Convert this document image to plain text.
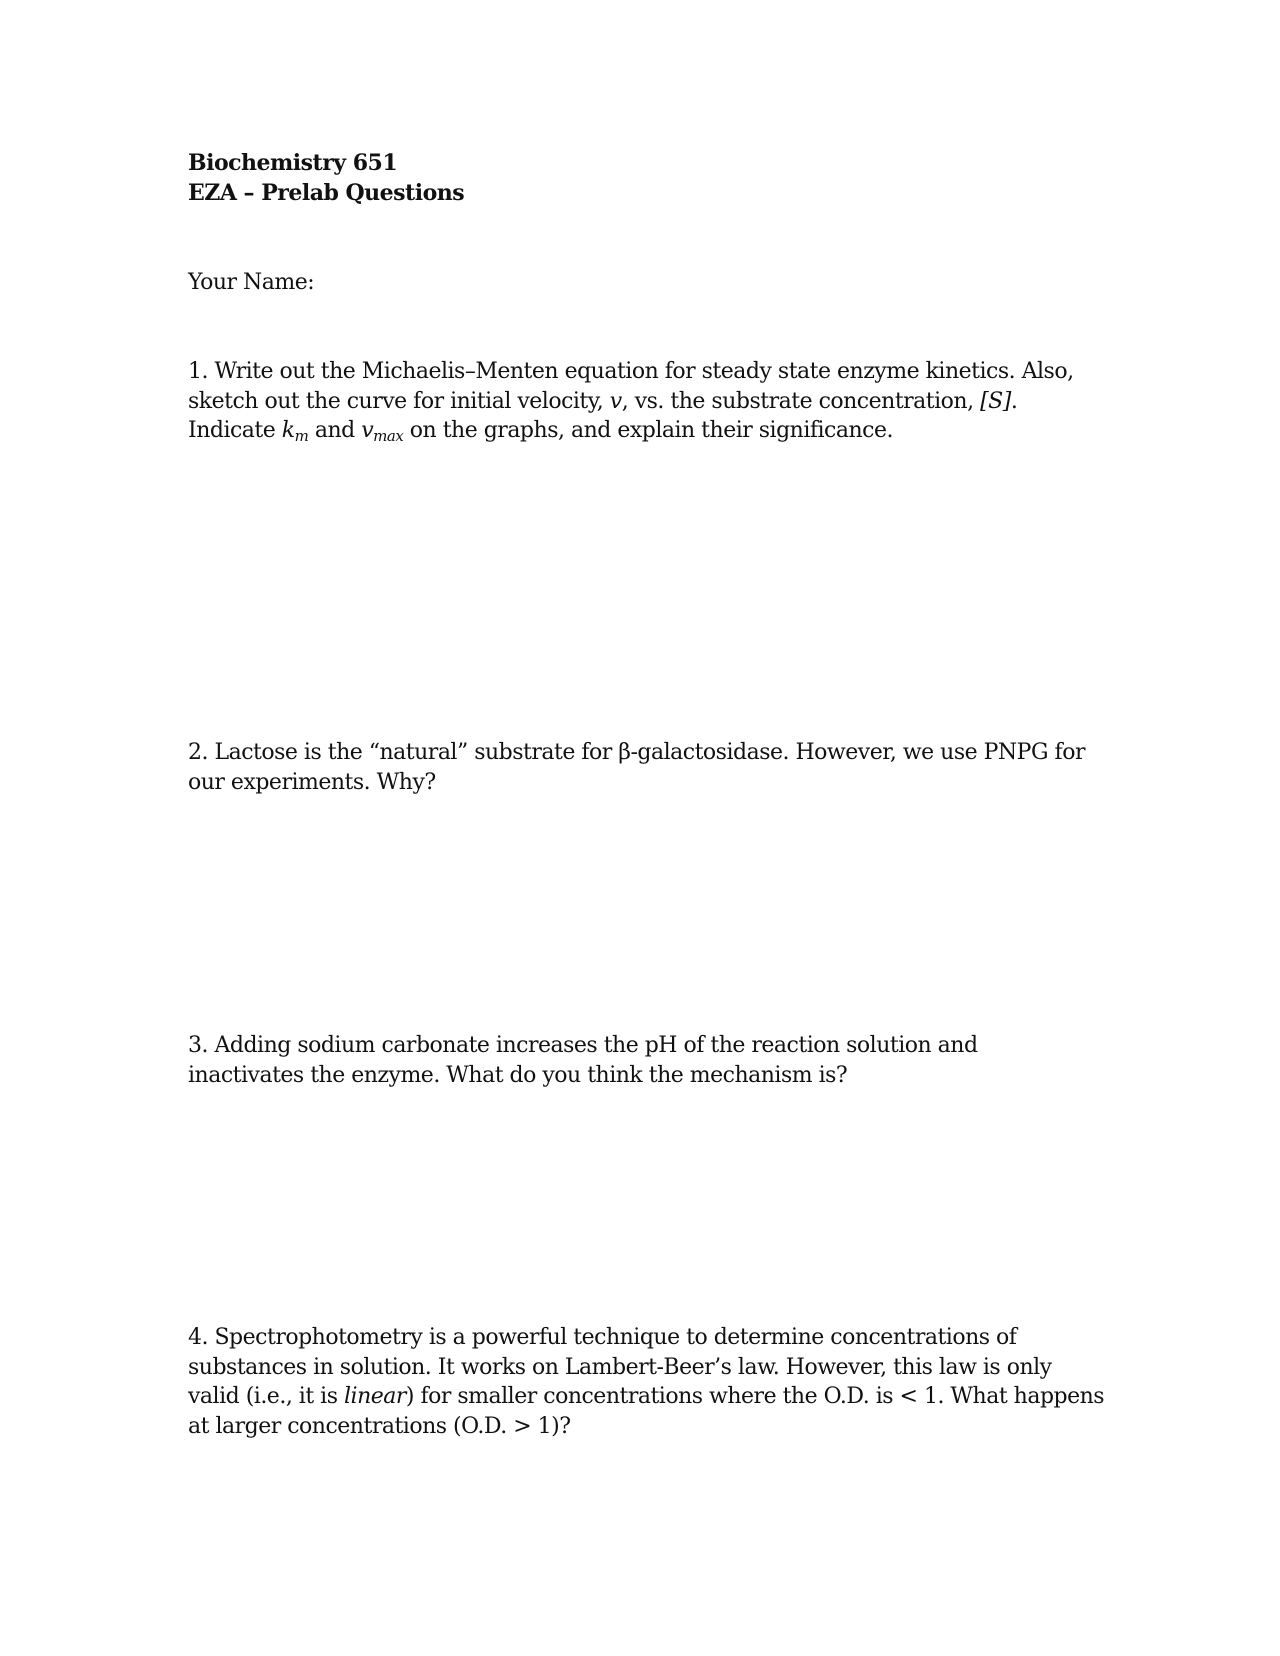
Biochemistry 651
EZA – Prelab Questions
Your Name:
1. Write out the Michaelis–Menten equation for steady state enzyme kinetics. Also,
sketch out the curve for initial velocity, v, vs. the substrate concentration, [S].
Indicate km and vmax on the graphs, and explain their significance.
2. Lactose is the “natural” substrate for β-galactosidase. However, we use PNPG for
our experiments. Why?
3. Adding sodium carbonate increases the pH of the reaction solution and
inactivates the enzyme. What do you think the mechanism is?
4. Spectrophotometry is a powerful technique to determine concentrations of
substances in solution. It works on Lambert-Beer’s law. However, this law is only
valid (i.e., it is linear) for smaller concentrations where the O.D. is < 1. What happens
at larger concentrations (O.D. > 1)?
